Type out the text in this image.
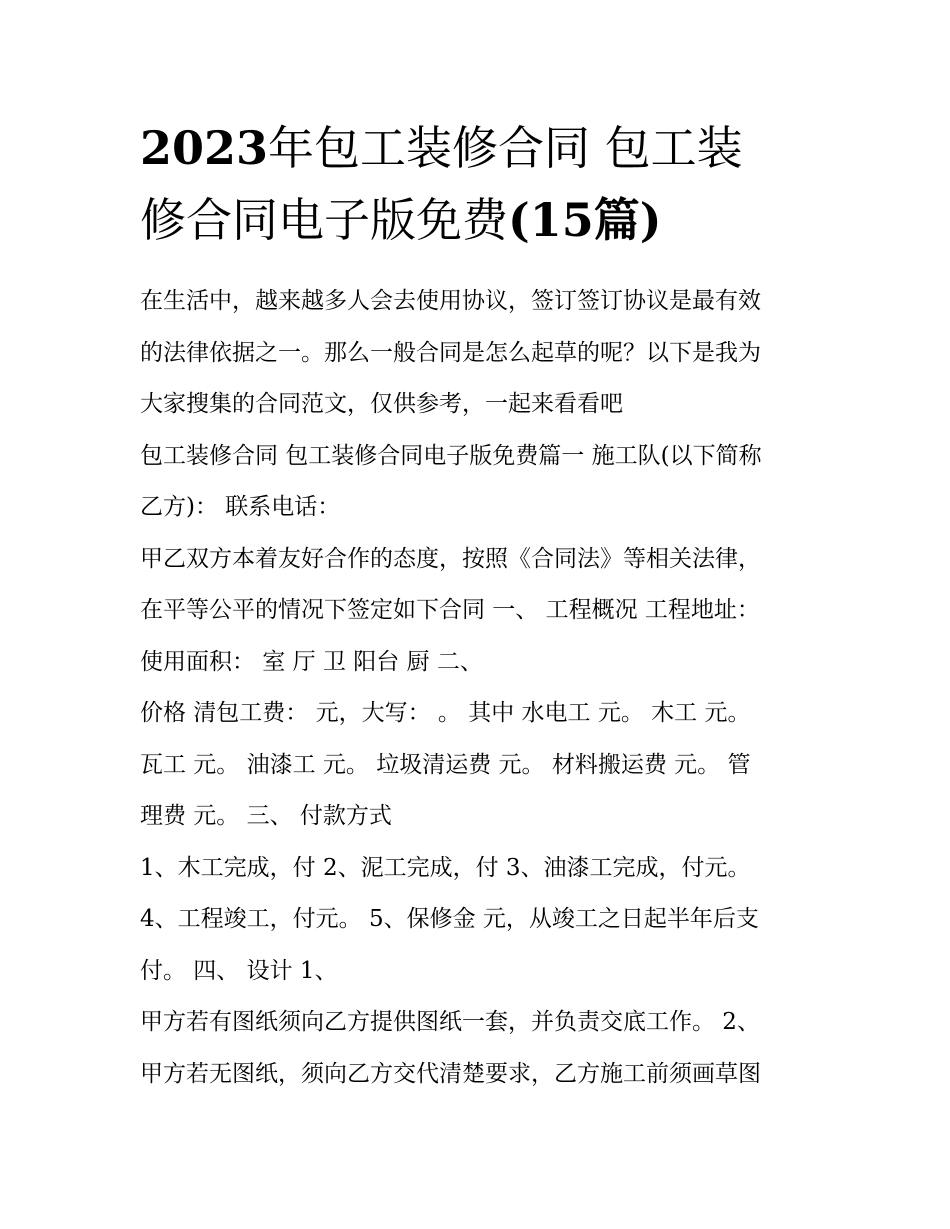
2023年包工装修合同 包工装
修合同电子版免费(15篇)
在生活中，越来越多人会去使用协议，签订签订协议是最有效
的法律依据之一。那么一般合同是怎么起草的呢？以下是我为
大家搜集的合同范文，仅供参考，一起来看看吧
包工装修合同 包工装修合同电子版免费篇一 施工队(以下简称
乙方)： 联系电话：
甲乙双方本着友好合作的态度，按照《合同法》等相关法律，
在平等公平的情况下签定如下合同 一、 工程概况 工程地址：
使用面积： 室 厅 卫 阳台 厨 二、
价格 清包工费： 元，大写： 。 其中 水电工 元。 木工 元。
瓦工 元。 油漆工 元。 垃圾清运费 元。 材料搬运费 元。 管
理费 元。 三、 付款方式
1、木工完成，付 2、泥工完成，付 3、油漆工完成，付元。
4、工程竣工，付元。 5、保修金 元，从竣工之日起半年后支
付。 四、 设计 1、
甲方若有图纸须向乙方提供图纸一套，并负责交底工作。 2、
甲方若无图纸，须向乙方交代清楚要求，乙方施工前须画草图
